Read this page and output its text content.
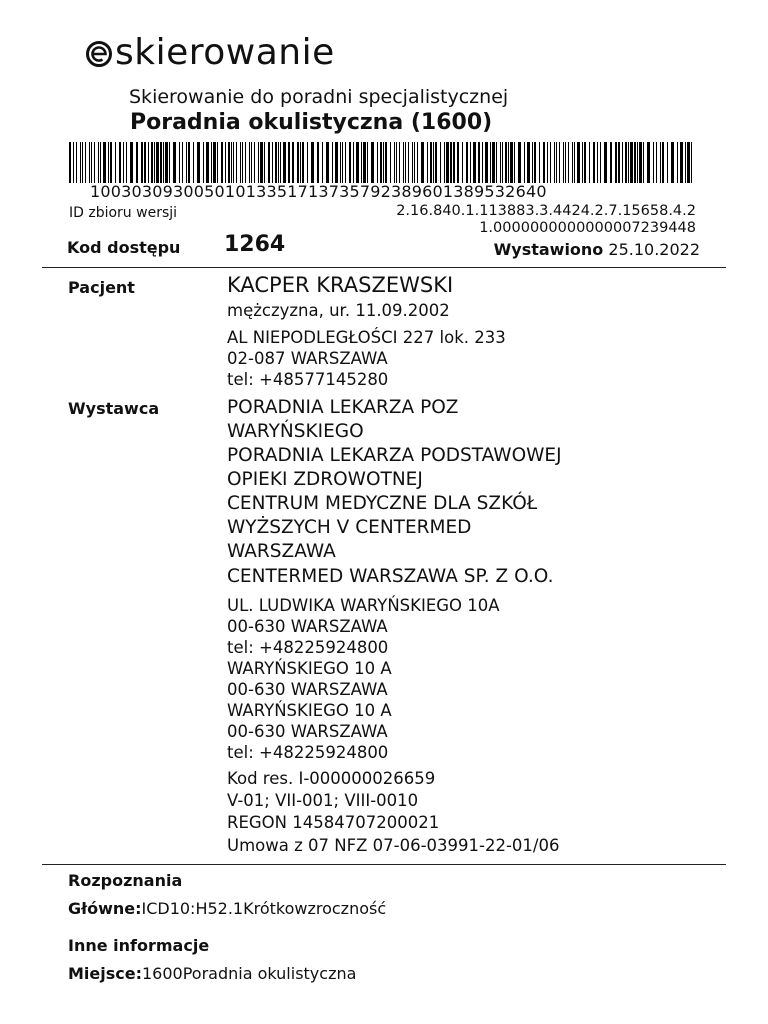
skierowanie
Skierowanie do poradni specjalistycznej
Poradnia okulistyczna (1600)
10030309300501013351713735792389601389532640
ID zbioru wersji	2.16.840.1.113883.3.4424.2.7.15658.4.2
1.0000000000000007239448
Kod dostępu 1264	Wystawiono 25.10.2022
Pacjent	KACPER KRASZEWSKI
mężczyzna, ur. 11.09.2002
AL NIEPODLEGŁOŚCI 227 lok. 233
02-087 WARSZAWA
tel: +48577145280
Wystawca	PORADNIA LEKARZA POZ
WARYŃSKIEGO
PORADNIA LEKARZA PODSTAWOWEJ
OPIEKI ZDROWOTNEJ
CENTRUM MEDYCZNE DLA SZKÓŁ
WYŻSZYCH V CENTERMED
WARSZAWA
CENTERMED WARSZAWA SP. Z O.O.
UL. LUDWIKA WARYŃSKIEGO 10A
00-630 WARSZAWA
tel: +48225924800
WARYŃSKIEGO 10 A
00-630 WARSZAWA
WARYŃSKIEGO 10 A
00-630 WARSZAWA
tel: +48225924800
Kod res. I-000000026659
V-01; VII-001; VIII-0010
REGON 14584707200021
Umowa z 07 NFZ 07-06-03991-22-01/06
Rozpoznania
Główne:ICD10:H52.1Krótkowzroczność
Inne informacje
Miejsce:1600Poradnia okulistyczna
